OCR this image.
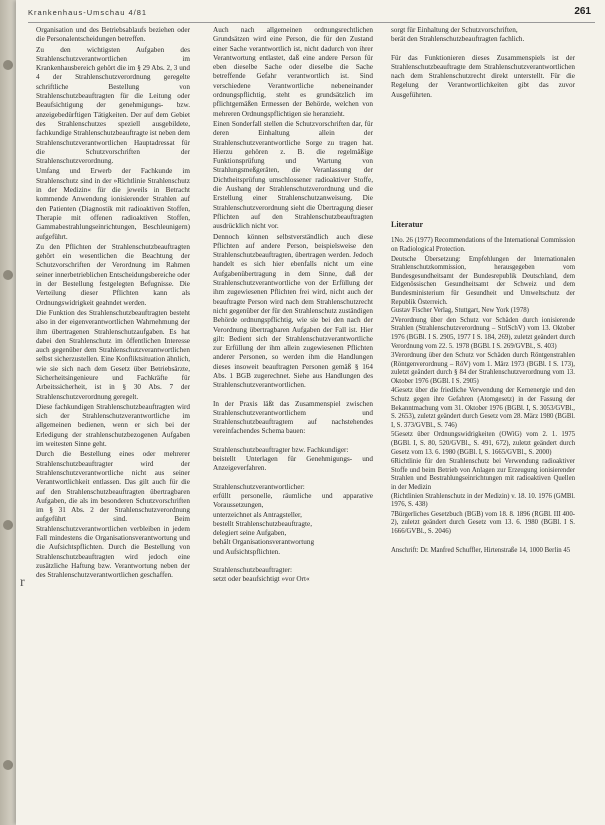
Krankenhaus-Umschau 4/81	261

Organisation und des Betriebsablaufs beziehen oder die Personalentscheidungen betreffen.

Zu den wichtigsten Aufgaben des Strahlenschutzverantwortlichen im Krankenhausbereich gehört die im § 29 Abs. 2, 3 und 4 der Strahlenschutzverordnung geregelte schriftliche Bestellung von Strahlenschutzbeauftragten für die Leitung oder Beaufsichtigung der genehmigungs- bzw. anzeigebedürftigen Tätigkeiten. Der auf dem Gebiet des Strahlenschutzes speziell ausgebildete, fachkundige Strahlenschutzbeauftragte ist neben dem Strahlenschutzverantwortlichen Hauptadressat für die Schutzvorschriften der Strahlenschutzverordnung.

Umfang und Erwerb der Fachkunde im Strahlenschutz sind in der »Richtlinie Strahlenschutz in der Medizin« für die jeweils in Betracht kommende Anwendung ionisierender Strahlen auf den Patienten (Diagnostik mit radioaktiven Stoffen, Therapie mit offenen radioaktiven Stoffen, Gammabestrahlungseinrichtungen, Beschleunigern) aufgeführt.

Zu den Pflichten der Strahlenschutzbeauftragten gehört ein wesentlichen die Beachtung der Schutzvorschriften der Verordnung im Rahmen seiner innerbetrieblichen Entscheidungsbereiche oder in der Bestellung festgelegten Befugnisse. Die Verteilung dieser Pflichten kann als Ordnungswidrigkeit geahndet werden.

Die Funktion des Strahlenschutzbeauftragten besteht also in der eigenverantwortlichen Wahrnehmung der ihm übertragenen Strahlenschutzaufgaben. Es hat dabei den Strahlenschutz im öffentlichen Interesse auch gegenüber dem Strahlenschutzverantwortlichen selbst sicherzustellen. Eine Konfliktsituation ähnlich, wie sie sich nach dem Gesetz über Betriebsärzte, Sicherheitsingenieure und Fachkräfte für Arbeitssicherheit, ist in § 30 Abs. 7 der Strahlenschutzverordnung geregelt.

Diese fachkundigen Strahlenschutzbeauftragten wird sich der Strahlenschutzverantwortliche im allgemeinen bedienen, wenn er sich bei der Erledigung der strahlenschutzbezogenen Aufgaben im weitesten Sinne geht.

Durch die Bestellung eines oder mehrerer Strahlenschutzbeauftragter wird der Strahlenschutzverantwortliche nicht aus seiner Verantwortlichkeit entlassen. Das gilt auch für die auf den Strahlenschutzbeauftragten übertragbaren Aufgaben, die als im besonderen Schutzvorschriften im § 31 Abs. 2 der Strahlenschutzverordnung aufgeführt sind. Beim Strahlenschutzverantwortlichen verbleiben in jedem Fall mindestens die Organisationsverantwortung und die Aufsichtspflichten. Durch die Bestellung von Strahlenschutzbeauftragten wird jedoch eine zusätzliche Haftung bzw. Verantwortung neben der des Strahlenschutzverantwortlichen geschaffen.

Auch nach allgemeinen ordnungsrechtlichen Grundsätzen wird eine Person, die für den Zustand einer Sache verantwortlich ist, nicht dadurch von ihrer Verantwortung entlastet, daß eine andere Person für eben dieselbe Sache oder dieselbe die Sache betreffende Gefahr verantwortlich ist. Sind verschiedene Verantwortliche nebeneinander ordnungspflichtig, steht es grundsätzlich im pflichtgemäßen Ermessen der Behörde, welchen von mehreren Ordnungspflichtigen sie heranzieht.

Einen Sonderfall stellen die Schutzvorschriften dar, für deren Einhaltung allein der Strahlenschutzverantwortliche Sorge zu tragen hat. Hierzu gehören z. B. die regelmäßige Funktionsprüfung und Wartung von Strahlungsmeßgeräten, die Veranlassung der Dichtheitsprüfung umschlossener radioaktiver Stoffe, die Aushang der Strahlenschutzverordnung und die Erstellung einer Strahlenschutzanweisung. Die Strahlenschutzverordnung sieht die Übertragung dieser Pflichten auf den Strahlenschutzbeauftragten ausdrücklich nicht vor.

Dennoch können selbstverständlich auch diese Pflichten auf andere Person, beispielsweise den Strahlenschutzbeauftragten, übertragen werden. Jedoch handelt es sich hier ebenfalls nicht um eine Aufgabenübertragung in dem Sinne, daß der Strahlenschutzverantwortliche von der Erfüllung der ihm zugewiesenen Pflichten frei wird, nicht auch der beauftragte Person wird nach dem Strahlenschutzrecht nicht gegenüber der für den Strahlenschutz zuständigen Behörde ordnungspflichtig, wie sie bei den nach der Verordnung übertragbaren Aufgaben der Fall ist. Hier gilt: Bedient sich der Strahlenschutzverantwortliche zur Erfüllung der ihm allein zugewiesenen Pflichten anderer Personen, so werden ihm die Handlungen dieses insoweit beauftragten Personen gemäß § 164 Abs. 1 BGB zugerechnet. Siehe aus Handlungen des Strahlenschutzverantwortlichen.

In der Praxis läßt das Zusammenspiel zwischen Strahlenschutzverantwortlichem und Strahlenschutzbeauftragtem auf nachstehendes vereinfachendes Schema bauen:

Strahlenschutzbeauftragter bzw. Fachkundiger:
beistellt Unterlagen für Genehmigungs- und Anzeigeverfahren.

Strahlenschutzverantwortlicher:
erfüllt personelle, räumliche und apparative Voraussetzungen,
unterzeichnet als Antragsteller,
bestellt Strahlenschutzbeauftragte,
delegiert seine Aufgaben,
behält Organisationsverantwortung
und Aufsichtspflichten.

Strahlenschutzbeauftragter:
setzt oder beaufsichtigt »vor Ort«

sorgt für Einhaltung der Schutzvorschriften,
berät den Strahlenschutzbeauftragten fachlich.

Für das Funktionieren dieses Zusammenspiels ist der Strahlenschutzbeauftragte dem Strahlenschutzverantwortlichen nach dem Strahlenschutzrecht direkt unterstellt. Für die Regelung der Verantwortlichkeiten gibt das zuvor Ausgeführten.

Literatur

1No. 26 (1977) Recommendations of the International Commission on Radiological Protection.

Deutsche Übersetzung: Empfehlungen der Internationalen Strahlenschutzkommission, herausgegeben vom Bundesgesundheitsamt der Bundesrepublik Deutschland, dem Eidgenössischen Gesundheitsamt der Schweiz und dem Bundesministerium für Gesundheit und Umweltschutz der Republik Österreich.
Gustav Fischer Verlag, Stuttgart, New York (1978)

2Verordnung über den Schutz vor Schäden durch ionisierende Strahlen (Strahlenschutzverordnung – StrlSchV) vom 13. Oktober 1976 (BGBl. I S. 2905, 1977 I S. 184, 269), zuletzt geändert durch Verordnung vom 22. 5. 1978 (BGBl. I S. 269/GVBl., S. 403)

3Verordnung über den Schutz vor Schäden durch Röntgenstrahlen (Röntgenverordnung – RöV) vom 1. März 1973 (BGBl. I S. 173), zuletzt geändert durch § 84 der Strahlenschutzverordnung vom 13. Oktober 1976 (BGBl. I S. 2905)

4Gesetz über die friedliche Verwendung der Kernenergie und den Schutz gegen ihre Gefahren (Atomgesetz) in der Fassung der Bekanntmachung vom 31. Oktober 1976 (BGBl. I, S. 3053/GVBl., S. 2653), zuletzt geändert durch Gesetz vom 28. März 1980 (BGBl. I, S. 373/GVBl., S. 746)

5Gesetz über Ordnungswidrigkeiten (OWiG) vom 2. 1. 1975 (BGBl. I, S. 80, 520/GVBl., S. 491, 672), zuletzt geändert durch Gesetz vom 13. 6. 1980 (BGBl. I, S. 1665/GVBl., S. 2000)

6Richtlinie für den Strahlenschutz bei Verwendung radioaktiver Stoffe und beim Betrieb von Anlagen zur Erzeugung ionisierender Strahlen und Bestrahlungseinrichtungen mit radioaktiven Quellen in der Medizin
(Richtlinien Strahlenschutz in der Medizin) v. 18. 10. 1976 (GMBl. 1976, S. 438)

7Bürgerliches Gesetzbuch (BGB) vom 18. 8. 1896 (RGBl. III 400-2), zuletzt geändert durch Gesetz vom 13. 6. 1980 (BGBl. I S. 1666/GVBl., S. 2046)

Anschrift: Dr. Manfred Schuffler, Hirtenstraße 14, 1000 Berlin 45

r
